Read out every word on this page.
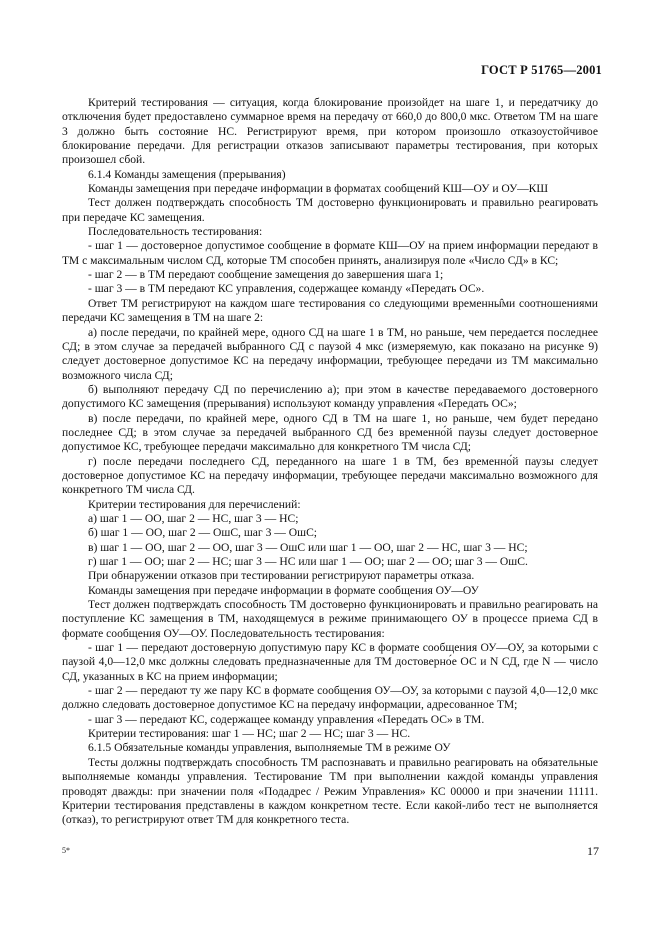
ГОСТ Р 51765—2001

Критерий тестирования — ситуация, когда блокирование произойдет на шаге 1, и передатчику до отключения будет предоставлено суммарное время на передачу от 660,0 до 800,0 мкс. Ответом ТМ на шаге 3 должно быть состояние НС. Регистрируют время, при котором произошло отказоустойчивое блокирование передачи. Для регистрации отказов записывают параметры тестирования, при которых произошел сбой.

6.1.4 Команды замещения (прерывания)

Команды замещения при передаче информации в форматах сообщений КШ—ОУ и ОУ—КШ

Тест должен подтверждать способность ТМ достоверно функционировать и правильно реагировать при передаче КС замещения.

Последовательность тестирования:

- шаг 1 — достоверное допустимое сообщение в формате КШ—ОУ на прием информации передают в ТМ с максимальным числом СД, которые ТМ способен принять, анализируя поле «Число СД» в КС;

- шаг 2 — в ТМ передают сообщение замещения до завершения шага 1;

- шаг 3 — в ТМ передают КС управления, содержащее команду «Передать ОС».

Ответ ТМ регистрируют на каждом шаге тестирования со следующими временны̂ми соотношениями передачи КС замещения в ТМ на шаге 2:

а) после передачи, по крайней мере, одного СД на шаге 1 в ТМ, но раньше, чем передается последнее СД; в этом случае за передачей выбранного СД с паузой 4 мкс (измеряемую, как показано на рисунке 9) следует достоверное допустимое КС на передачу информации, требующее передачи из ТМ максимально возможного числа СД;

б) выполняют передачу СД по перечислению а); при этом в качестве передаваемого достоверного допустимого КС замещения (прерывания) используют команду управления «Передать ОС»;

в) после передачи, по крайней мере, одного СД в ТМ на шаге 1, но раньше, чем будет передано последнее СД; в этом случае за передачей выбранного СД без временно́й паузы следует достоверное допустимое КС, требующее передачи максимально для конкретного ТМ числа СД;

г) после передачи последнего СД, переданного на шаге 1 в ТМ, без временно́й паузы следует достоверное допустимое КС на передачу информации, требующее передачи максимально возможного для конкретного ТМ числа СД.

Критерии тестирования для перечислений:

а) шаг 1 — ОО, шаг 2 — НС, шаг 3 — НС;

б) шаг 1 — ОО, шаг 2 — ОшС, шаг 3 — ОшС;

в) шаг 1 — ОО, шаг 2 — ОО, шаг 3 — ОшС или шаг 1 — ОО, шаг 2 — НС, шаг 3 — НС;

г) шаг 1 — ОО; шаг 2 — НС; шаг 3 — НС или шаг 1 — ОО; шаг 2 — ОО; шаг 3 — ОшС.

При обнаружении отказов при тестировании регистрируют параметры отказа.

Команды замещения при передаче информации в формате сообщения ОУ—ОУ

Тест должен подтверждать способность ТМ достоверно функционировать и правильно реагировать на поступление КС замещения в ТМ, находящемуся в режиме принимающего ОУ в процессе приема СД в формате сообщения ОУ—ОУ. Последовательность тестирования:

- шаг 1 — передают достоверную допустимую пару КС в формате сообщения ОУ—ОУ, за которыми с паузой 4,0—12,0 мкс должны следовать предназначенные для ТМ достоверно́е ОС и N СД, где N — число СД, указанных в КС на прием информации;

- шаг 2 — передают ту же пару КС в формате сообщения ОУ—ОУ, за которыми с паузой 4,0—12,0 мкс должно следовать достоверное допустимое КС на передачу информации, адресованное ТМ;

- шаг 3 — передают КС, содержащее команду управления «Передать ОС» в ТМ.

Критерии тестирования: шаг 1 — НС; шаг 2 — НС; шаг 3 — НС.

6.1.5 Обязательные команды управления, выполняемые ТМ в режиме ОУ

Тесты должны подтверждать способность ТМ распознавать и правильно реагировать на обязательные выполняемые команды управления. Тестирование ТМ при выполнении каждой команды управления проводят дважды: при значении поля «Подадрес / Режим Управления» КС 00000 и при значении 11111. Критерии тестирования представлены в каждом конкретном тесте. Если какой-либо тест не выполняется (отказ), то регистрируют ответ ТМ для конкретного теста.

5*	17
